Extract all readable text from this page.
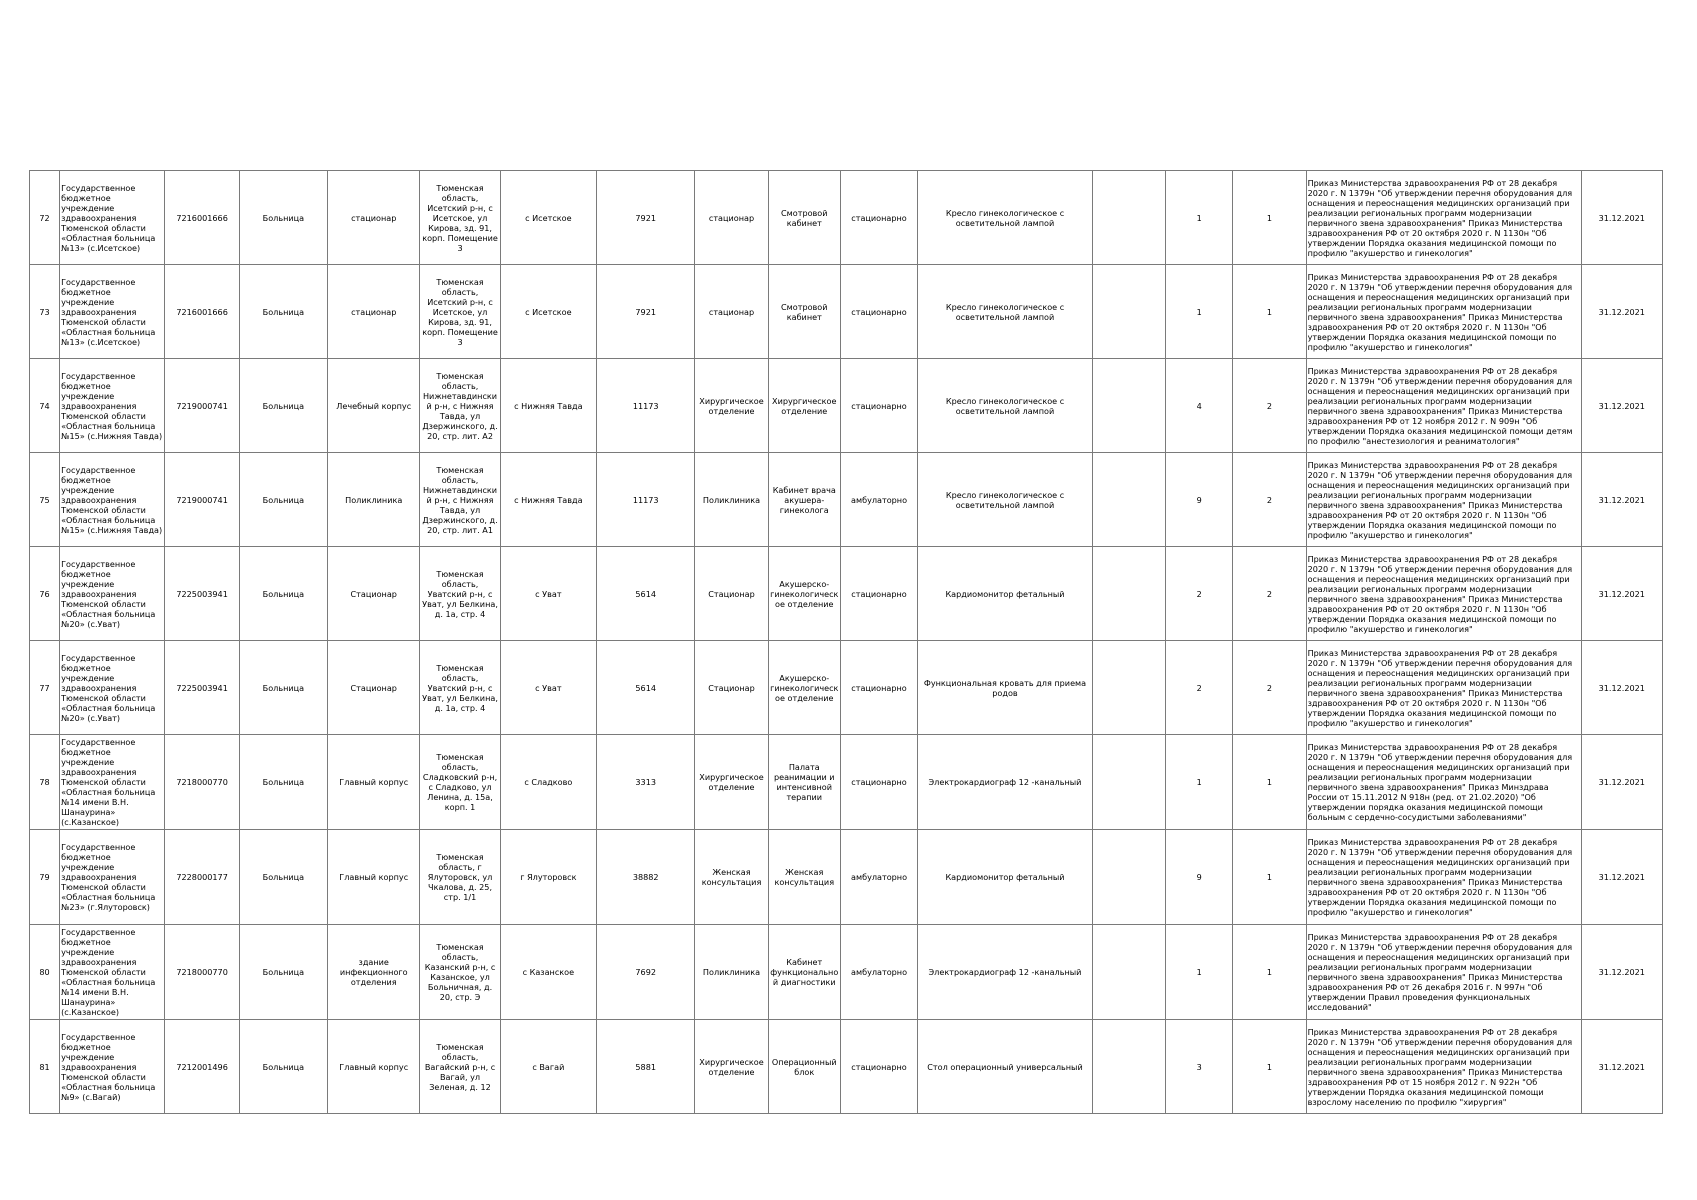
72	Государственное бюджетное учреждение здравоохранения Тюменской области «Областная больница №13» (с.Исетское)	7216001666	Больница	стационар	Тюменская область, Исетский р-н, с Исетское, ул Кирова, зд. 91, корп. Помещение 3	с Исетское	7921	стационар	Смотровой кабинет	стационарно	Кресло гинекологическое с осветительной лампой		1	1	Приказ Министерства здравоохранения РФ от 28 декабря 2020 г. N 1379н "Об утверждении перечня оборудования для оснащения и переоснащения медицинских организаций при реализации региональных программ модернизации первичного звена здравоохранения" Приказ Министерства здравоохранения РФ от 20 октября 2020 г. N 1130н "Об утверждении Порядка оказания медицинской помощи по профилю "акушерство и гинекология"	31.12.2021
73	Государственное бюджетное учреждение здравоохранения Тюменской области «Областная больница №13» (с.Исетское)	7216001666	Больница	стационар	Тюменская область, Исетский р-н, с Исетское, ул Кирова, зд. 91, корп. Помещение 3	с Исетское	7921	стационар	Смотровой кабинет	стационарно	Кресло гинекологическое с осветительной лампой		1	1	Приказ Министерства здравоохранения РФ от 28 декабря 2020 г. N 1379н "Об утверждении перечня оборудования для оснащения и переоснащения медицинских организаций при реализации региональных программ модернизации первичного звена здравоохранения" Приказ Министерства здравоохранения РФ от 20 октября 2020 г. N 1130н "Об утверждении Порядка оказания медицинской помощи по профилю "акушерство и гинекология"	31.12.2021
74	Государственное бюджетное учреждение здравоохранения Тюменской области «Областная больница №15» (с.Нижняя Тавда)	7219000741	Больница	Лечебный корпус	Тюменская область, Нижнетавдинский р-н, с Нижняя Тавда, ул Дзержинского, д. 20, стр. лит. А2	с Нижняя Тавда	11173	Хирургическое отделение	Хирургическое отделение	стационарно	Кресло гинекологическое с осветительной лампой		4	2	Приказ Министерства здравоохранения РФ от 28 декабря 2020 г. N 1379н "Об утверждении перечня оборудования для оснащения и переоснащения медицинских организаций при реализации региональных программ модернизации первичного звена здравоохранения" Приказ Министерства здравоохранения РФ от 12 ноября 2012 г. N 909н "Об утверждении Порядка оказания медицинской помощи детям по профилю "анестезиология и реаниматология"	31.12.2021
75	Государственное бюджетное учреждение здравоохранения Тюменской области «Областная больница №15» (с.Нижняя Тавда)	7219000741	Больница	Поликлиника	Тюменская область, Нижнетавдинский р-н, с Нижняя Тавда, ул Дзержинского, д. 20, стр. лит. А1	с Нижняя Тавда	11173	Поликлиника	Кабинет врача акушера-гинеколога	амбулаторно	Кресло гинекологическое с осветительной лампой		9	2	Приказ Министерства здравоохранения РФ от 28 декабря 2020 г. N 1379н "Об утверждении перечня оборудования для оснащения и переоснащения медицинских организаций при реализации региональных программ модернизации первичного звена здравоохранения" Приказ Министерства здравоохранения РФ от 20 октября 2020 г. N 1130н "Об утверждении Порядка оказания медицинской помощи по профилю "акушерство и гинекология"	31.12.2021
76	Государственное бюджетное учреждение здравоохранения Тюменской области «Областная больница №20» (с.Уват)	7225003941	Больница	Стационар	Тюменская область, Уватский р-н, с Уват, ул Белкина, д. 1а, стр. 4	с Уват	5614	Стационар	Акушерско-гинекологическое отделение	стационарно	Кардиомонитор фетальный		2	2	Приказ Министерства здравоохранения РФ от 28 декабря 2020 г. N 1379н "Об утверждении перечня оборудования для оснащения и переоснащения медицинских организаций при реализации региональных программ модернизации первичного звена здравоохранения" Приказ Министерства здравоохранения РФ от 20 октября 2020 г. N 1130н "Об утверждении Порядка оказания медицинской помощи по профилю "акушерство и гинекология"	31.12.2021
77	Государственное бюджетное учреждение здравоохранения Тюменской области «Областная больница №20» (с.Уват)	7225003941	Больница	Стационар	Тюменская область, Уватский р-н, с Уват, ул Белкина, д. 1а, стр. 4	с Уват	5614	Стационар	Акушерско-гинекологическое отделение	стационарно	Функциональная кровать для приема родов		2	2	Приказ Министерства здравоохранения РФ от 28 декабря 2020 г. N 1379н "Об утверждении перечня оборудования для оснащения и переоснащения медицинских организаций при реализации региональных программ модернизации первичного звена здравоохранения" Приказ Министерства здравоохранения РФ от 20 октября 2020 г. N 1130н "Об утверждении Порядка оказания медицинской помощи по профилю "акушерство и гинекология"	31.12.2021
78	Государственное бюджетное учреждение здравоохранения Тюменской области «Областная больница №14 имени В.Н. Шанаурина» (с.Казанское)	7218000770	Больница	Главный корпус	Тюменская область, Сладковский р-н, с Сладково, ул Ленина, д. 15а, корп. 1	с Сладково	3313	Хирургическое отделение	Палата реанимации и интенсивной терапии	стационарно	Электрокардиограф 12 -канальный		1	1	Приказ Министерства здравоохранения РФ от 28 декабря 2020 г. N 1379н "Об утверждении перечня оборудования для оснащения и переоснащения медицинских организаций при реализации региональных программ модернизации первичного звена здравоохранения" Приказ Минздрава России от 15.11.2012 N 918н (ред. от 21.02.2020) "Об утверждении порядка оказания медицинской помощи больным с сердечно-сосудистыми заболеваниями"	31.12.2021
79	Государственное бюджетное учреждение здравоохранения Тюменской области «Областная больница №23» (г.Ялуторовск)	7228000177	Больница	Главный корпус	Тюменская область, г Ялуторовск, ул Чкалова, д. 25, стр. 1/1	г Ялуторовск	38882	Женская консультация	Женская консультация	амбулаторно	Кардиомонитор фетальный		9	1	Приказ Министерства здравоохранения РФ от 28 декабря 2020 г. N 1379н "Об утверждении перечня оборудования для оснащения и переоснащения медицинских организаций при реализации региональных программ модернизации первичного звена здравоохранения" Приказ Министерства здравоохранения РФ от 20 октября 2020 г. N 1130н "Об утверждении Порядка оказания медицинской помощи по профилю "акушерство и гинекология"	31.12.2021
80	Государственное бюджетное учреждение здравоохранения Тюменской области «Областная больница №14 имени В.Н. Шанаурина» (с.Казанское)	7218000770	Больница	здание инфекционного отделения	Тюменская область, Казанский р-н, с Казанское, ул Больничная, д. 20, стр. Э	с Казанское	7692	Поликлиника	Кабинет функциональной диагностики	амбулаторно	Электрокардиограф 12 -канальный		1	1	Приказ Министерства здравоохранения РФ от 28 декабря 2020 г. N 1379н "Об утверждении перечня оборудования для оснащения и переоснащения медицинских организаций при реализации региональных программ модернизации первичного звена здравоохранения" Приказ Министерства здравоохранения РФ от 26 декабря 2016 г. N 997н "Об утверждении Правил проведения функциональных исследований"	31.12.2021
81	Государственное бюджетное учреждение здравоохранения Тюменской области «Областная больница №9» (с.Вагай)	7212001496	Больница	Главный корпус	Тюменская область, Вагайский р-н, с Вагай, ул Зеленая, д. 12	с Вагай	5881	Хирургическое отделение	Операционный блок	стационарно	Стол операционный универсальный		3	1	Приказ Министерства здравоохранения РФ от 28 декабря 2020 г. N 1379н "Об утверждении перечня оборудования для оснащения и переоснащения медицинских организаций при реализации региональных программ модернизации первичного звена здравоохранения" Приказ Министерства здравоохранения РФ от 15 ноября 2012 г. N 922н "Об утверждении Порядка оказания медицинской помощи взрослому населению по профилю "хирургия"	31.12.2021
